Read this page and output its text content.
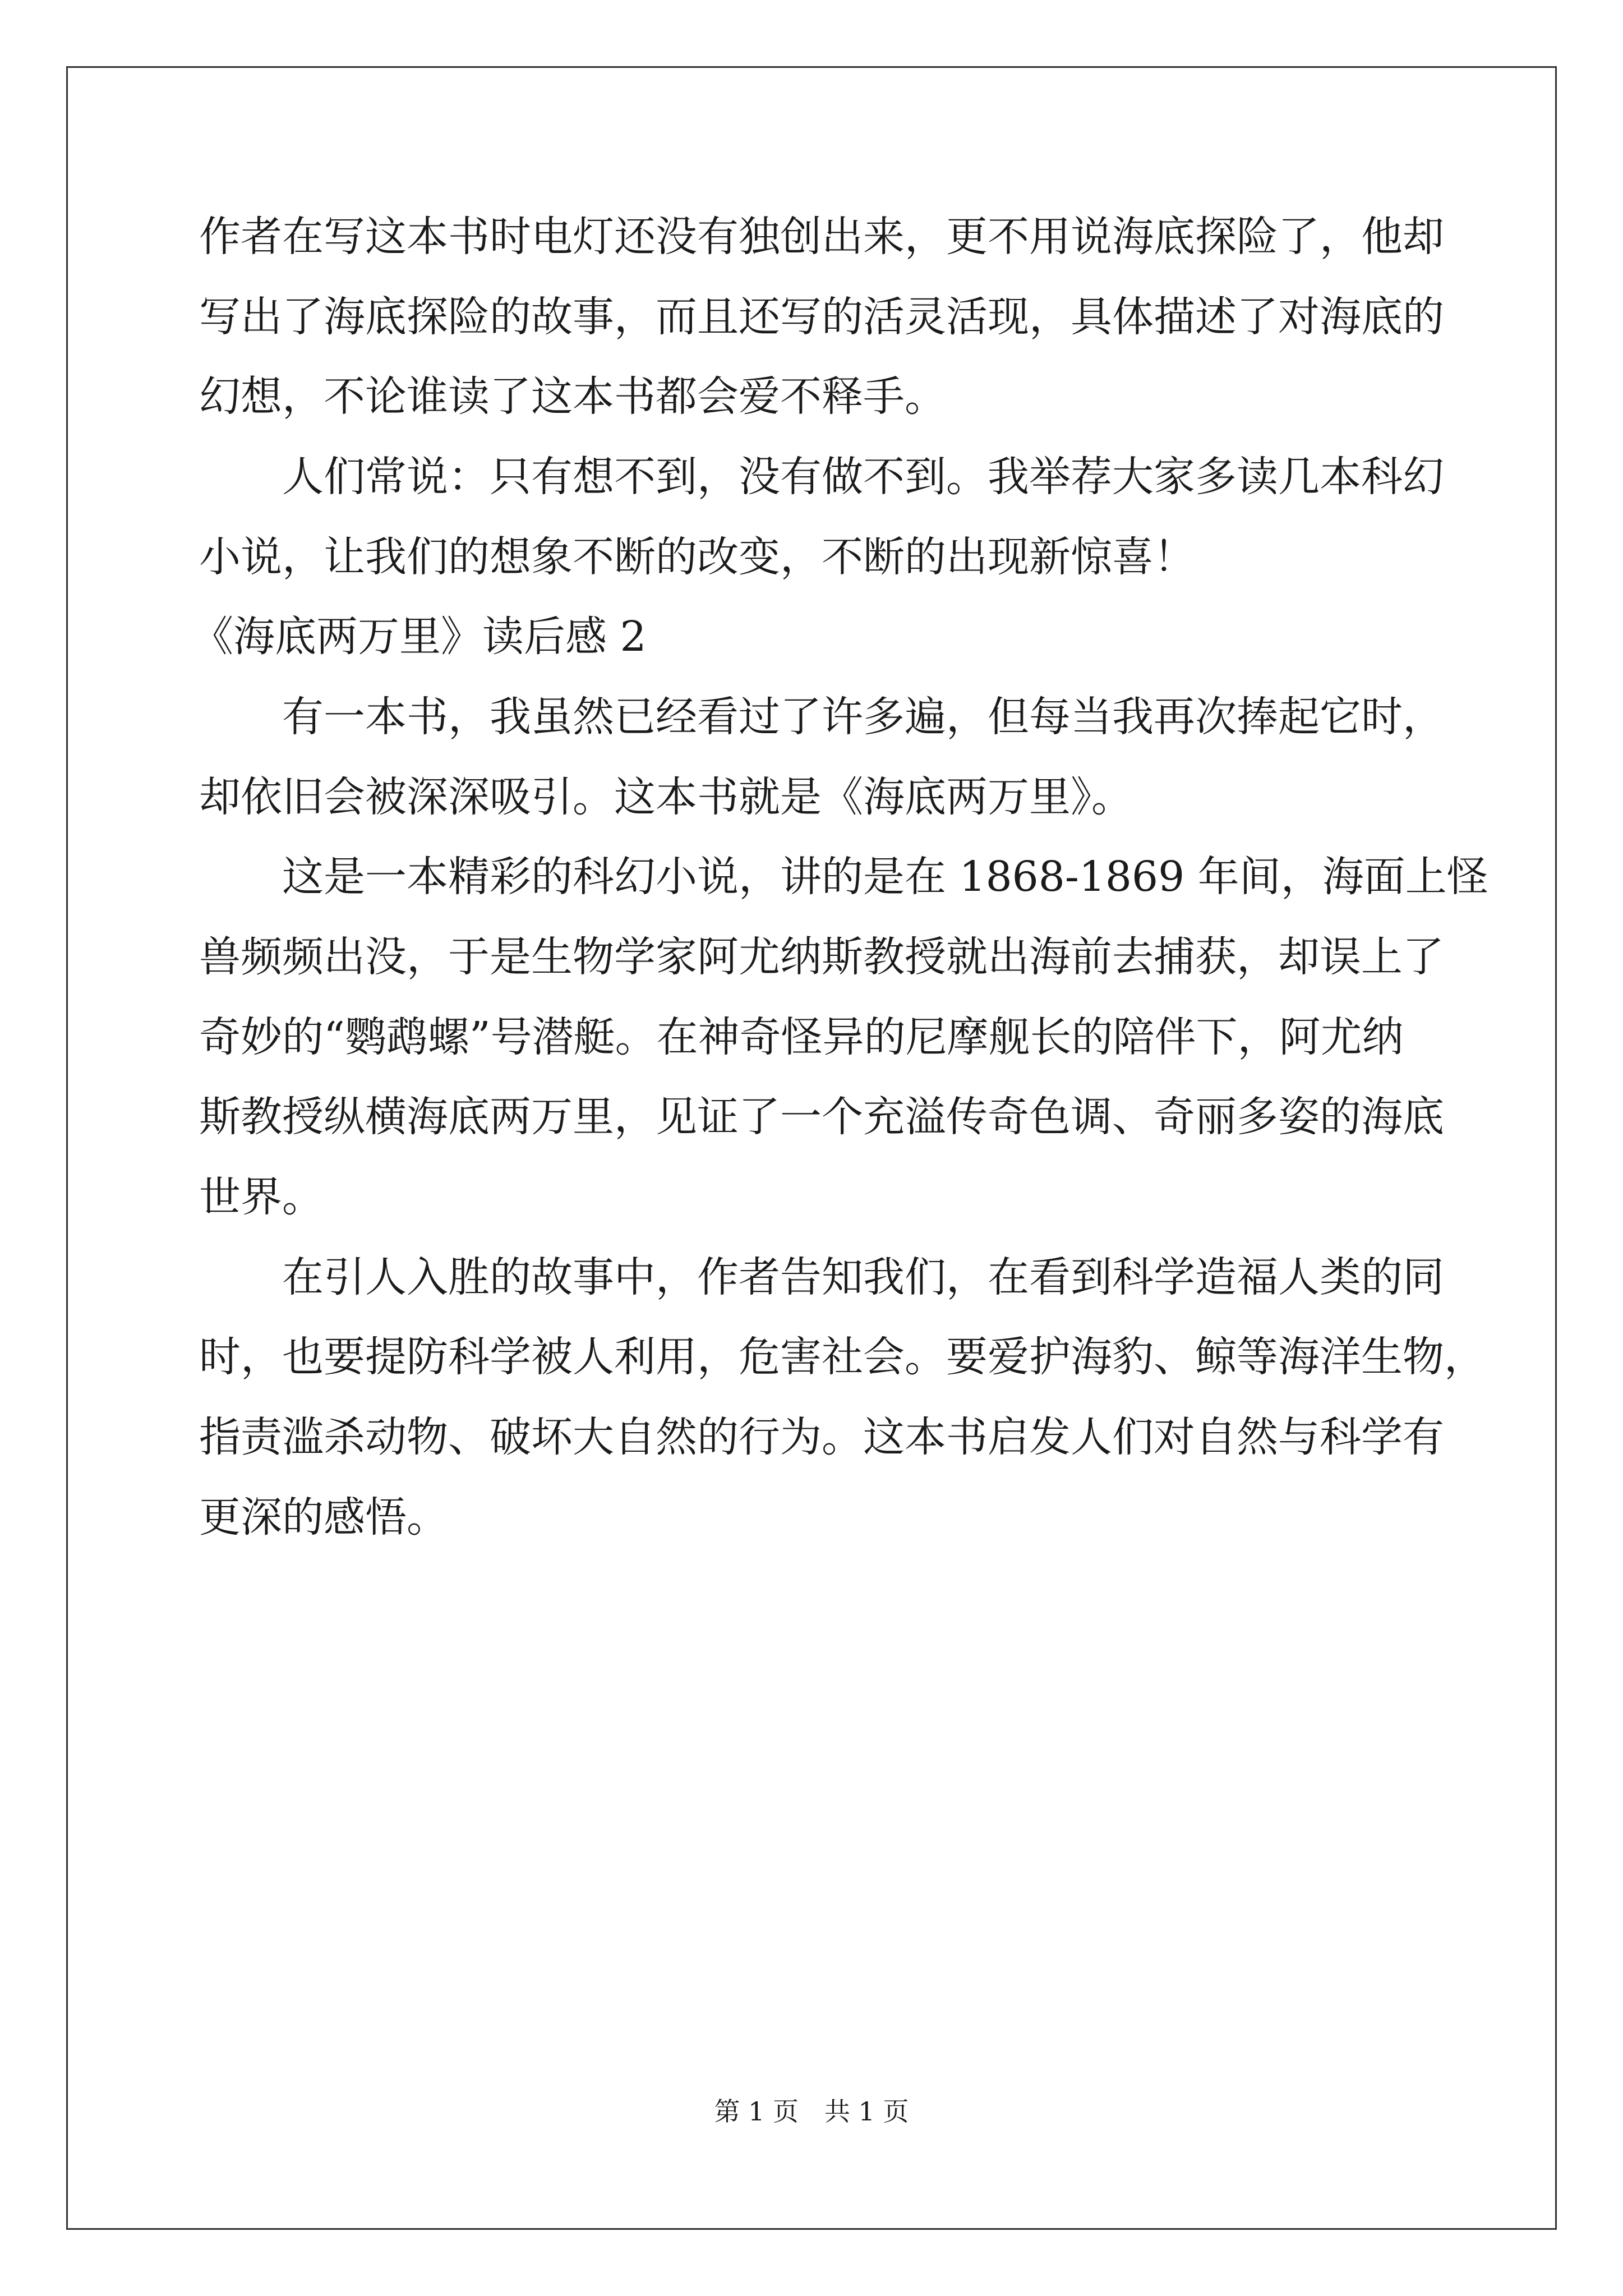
作者在写这本书时电灯还没有独创出来，更不用说海底探险了，他却
写出了海底探险的故事，而且还写的活灵活现，具体描述了对海底的
幻想，不论谁读了这本书都会爱不释手。
人们常说：只有想不到，没有做不到。我举荐大家多读几本科幻
小说，让我们的想象不断的改变，不断的出现新惊喜！
《海底两万里》读后感 2
有一本书，我虽然已经看过了许多遍，但每当我再次捧起它时，
却依旧会被深深吸引。这本书就是《海底两万里》。
这是一本精彩的科幻小说，讲的是在 1868-1869 年间，海面上怪
兽频频出没，于是生物学家阿尤纳斯教授就出海前去捕获，却误上了
奇妙的“鹦鹉螺”号潜艇。在神奇怪异的尼摩舰长的陪伴下，阿尤纳
斯教授纵横海底两万里，见证了一个充溢传奇色调、奇丽多姿的海底
世界。
在引人入胜的故事中，作者告知我们，在看到科学造福人类的同
时，也要提防科学被人利用，危害社会。要爱护海豹、鲸等海洋生物，
指责滥杀动物、破坏大自然的行为。这本书启发人们对自然与科学有
更深的感悟。
第 1 页　共 1 页
